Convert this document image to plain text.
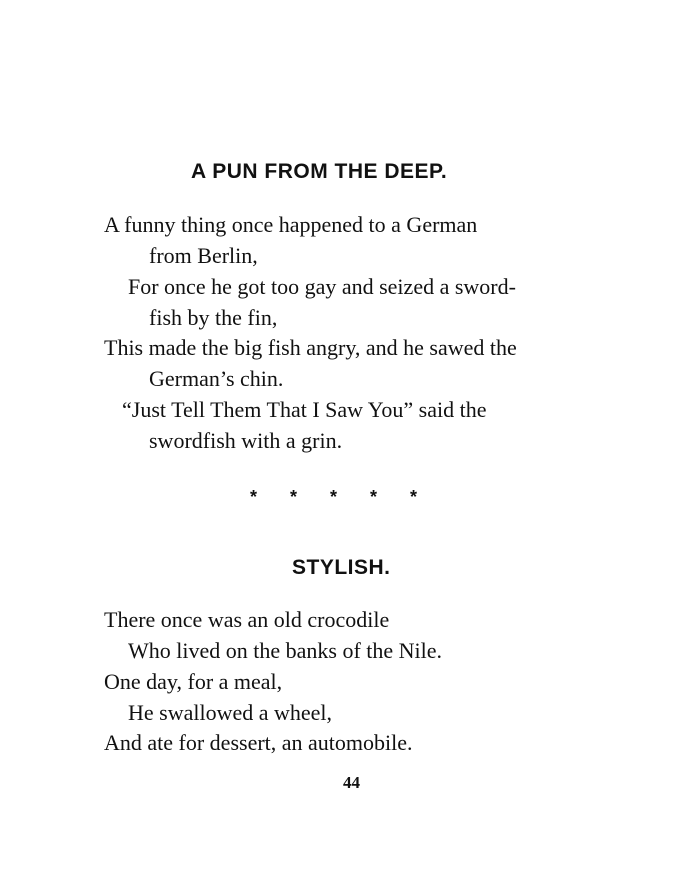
A PUN FROM THE DEEP.
A funny thing once happened to a German
from Berlin,
For once he got too gay and seized a sword-
fish by the fin,
This made the big fish angry, and he sawed the
German’s chin.
“Just Tell Them That I Saw You” said the
swordfish with a grin.
* * * * *
STYLISH.
There once was an old crocodile
Who lived on the banks of the Nile.
One day, for a meal,
He swallowed a wheel,
And ate for dessert, an automobile.
44
